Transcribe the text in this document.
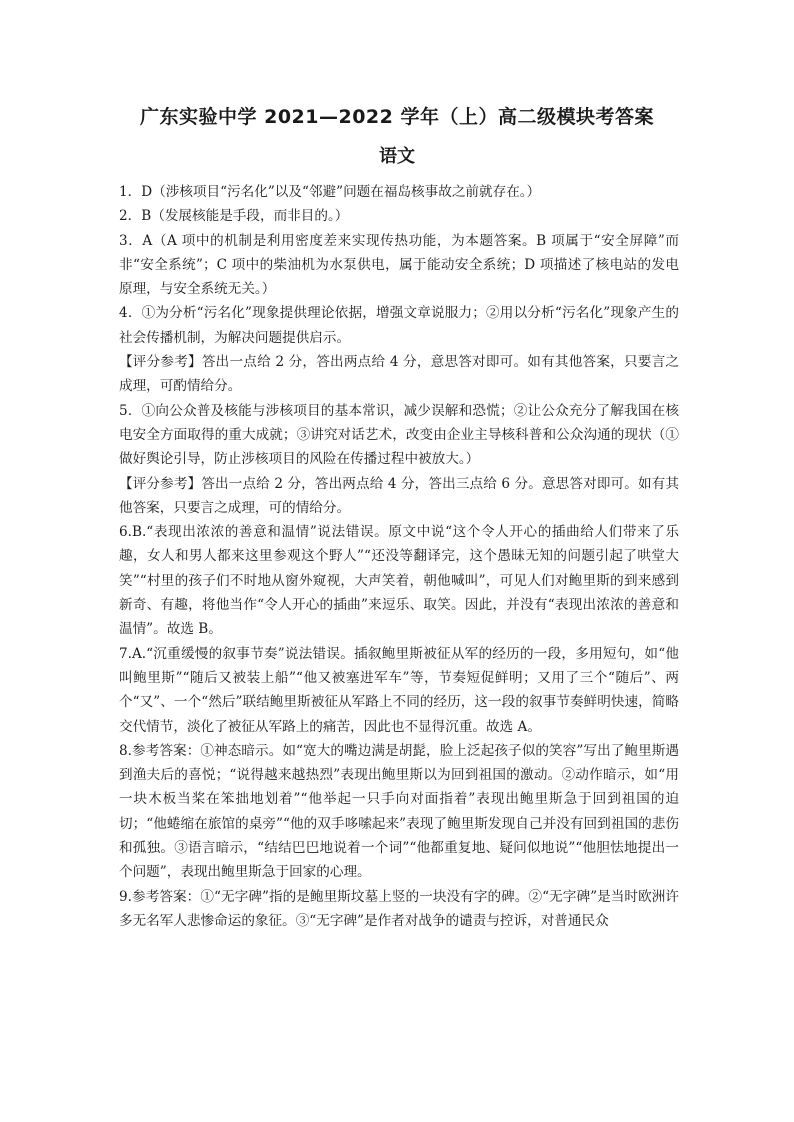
广东实验中学 2021—2022 学年（上）高二级模块考答案
语文

1．D（涉核项目“污名化”以及“邻避”问题在福岛核事故之前就存在。）

2．B（发展核能是手段，而非目的。）

3．A（A 项中的机制是利用密度差来实现传热功能，为本题答案。B 项属于“安全屏障”而非“安全系统”；C 项中的柴油机为水泵供电，属于能动安全系统；D 项描述了核电站的发电原理，与安全系统无关。）

4．①为分析“污名化”现象提供理论依据，增强文章说服力；②用以分析“污名化”现象产生的社会传播机制，为解决问题提供启示。

【评分参考】答出一点给 2 分，答出两点给 4 分，意思答对即可。如有其他答案，只要言之成理，可酌情给分。

5．①向公众普及核能与涉核项目的基本常识，减少误解和恐慌；②让公众充分了解我国在核电安全方面取得的重大成就；③讲究对话艺术，改变由企业主导核科普和公众沟通的现状（①做好舆论引导，防止涉核项目的风险在传播过程中被放大。）

【评分参考】答出一点给 2 分，答出两点给 4 分，答出三点给 6 分。意思答对即可。如有其他答案，只要言之成理，可的情给分。

6.B.“表现出浓浓的善意和温情”说法错误。原文中说“这个令人开心的插曲给人们带来了乐趣，女人和男人都来这里参观这个野人”“还没等翻译完，这个愚昧无知的问题引起了哄堂大笑”“村里的孩子们不时地从窗外窥视，大声笑着，朝他喊叫”，可见人们对鲍里斯的到来感到新奇、有趣，将他当作“令人开心的插曲”来逗乐、取笑。因此，并没有“表现出浓浓的善意和温情”。故选 B。

7.A.“沉重缓慢的叙事节奏”说法错误。插叙鲍里斯被征从军的经历的一段，多用短句，如“他叫鲍里斯”“随后又被装上船”“他又被塞进军车”等，节奏短促鲜明；又用了三个“随后”、两个“又”、一个“然后”联结鲍里斯被征从军路上不同的经历，这一段的叙事节奏鲜明快速，简略交代情节，淡化了被征从军路上的痛苦，因此也不显得沉重。故选 A。

8.参考答案：①神态暗示。如“宽大的嘴边满是胡髭，脸上泛起孩子似的笑容”写出了鲍里斯遇到渔夫后的喜悦；“说得越来越热烈”表现出鲍里斯以为回到祖国的激动。②动作暗示，如“用一块木板当桨在笨拙地划着”“他举起一只手向对面指着”表现出鲍里斯急于回到祖国的迫切；“他蜷缩在旅馆的桌旁”“他的双手哆嗦起来”表现了鲍里斯发现自己并没有回到祖国的悲伤和孤独。③语言暗示，“结结巴巴地说着一个词”“他都重复地、疑问似地说”“他胆怯地提出一个问题”，表现出鲍里斯急于回家的心理。

9.参考答案：①“无字碑”指的是鲍里斯坟墓上竖的一块没有字的碑。②“无字碑”是当时欧洲许多无名军人悲惨命运的象征。③“无字碑”是作者对战争的谴责与控诉，对普通民众
